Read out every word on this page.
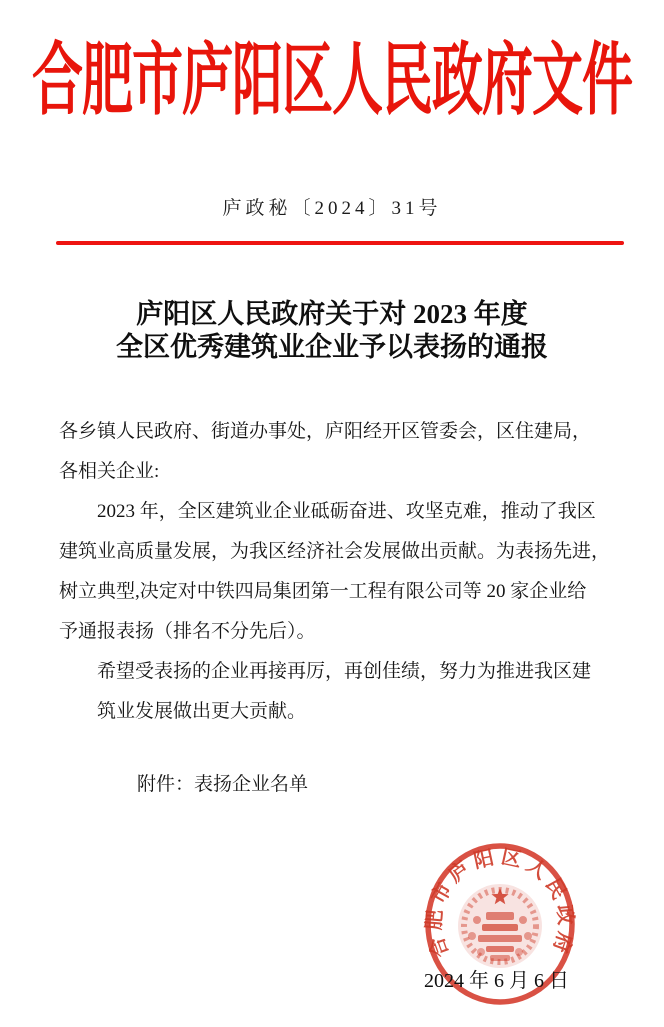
合肥市庐阳区人民政府文件
庐政秘〔2024〕31号
庐阳区人民政府关于对 2023 年度
全区优秀建筑业企业予以表扬的通报
各乡镇人民政府、街道办事处，庐阳经开区管委会，区住建局，
各相关企业:
　　2023 年，全区建筑业企业砥砺奋进、攻坚克难，推动了我区
建筑业高质量发展，为我区经济社会发展做出贡献。为表扬先进，
树立典型,决定对中铁四局集团第一工程有限公司等 20 家企业给
予通报表扬（排名不分先后）。
　　希望受表扬的企业再接再厉，再创佳绩，努力为推进我区建
　　筑业发展做出更大贡献。
附件：表扬企业名单
合肥市庐阳区人民政府
2024 年 6 月 6 日
